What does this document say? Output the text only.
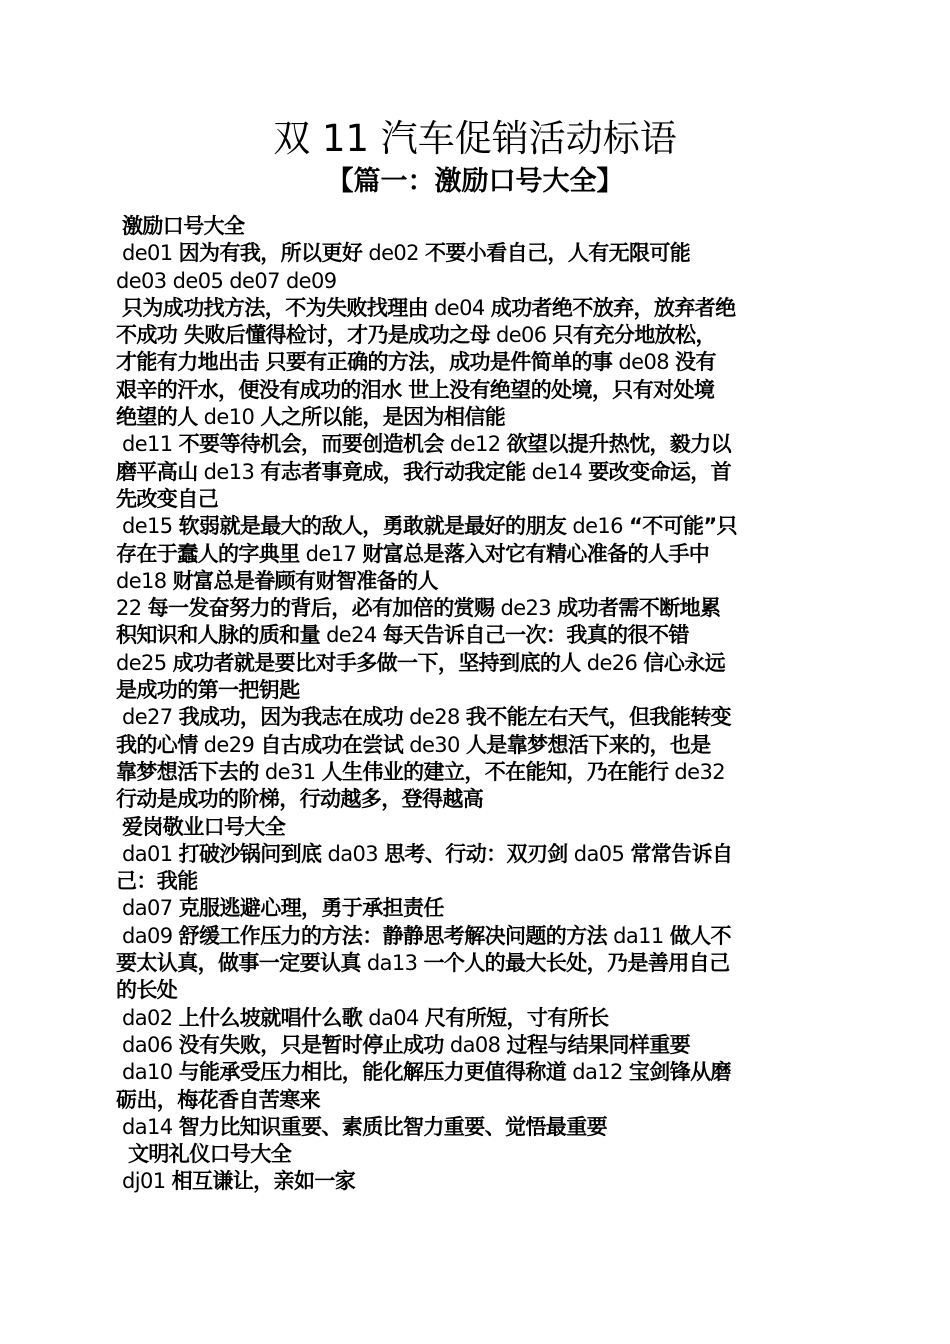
双 11 汽车促销活动标语
【篇一：激励口号大全】
激励口号大全
de01 因为有我，所以更好 de02 不要小看自己，人有无限可能
de03 de05 de07 de09
只为成功找方法，不为失败找理由 de04 成功者绝不放弃，放弃者绝
不成功 失败后懂得检讨，才乃是成功之母 de06 只有充分地放松，
才能有力地出击 只要有正确的方法，成功是件简单的事 de08 没有
艰辛的汗水，便没有成功的泪水 世上没有绝望的处境，只有对处境
绝望的人 de10 人之所以能，是因为相信能
de11 不要等待机会，而要创造机会 de12 欲望以提升热忱，毅力以
磨平高山 de13 有志者事竟成，我行动我定能 de14 要改变命运，首
先改变自己
de15 软弱就是最大的敌人，勇敢就是最好的朋友 de16 “不可能”只
存在于蠢人的字典里 de17 财富总是落入对它有精心准备的人手中
de18 财富总是眷顾有财智准备的人
22 每一发奋努力的背后，必有加倍的赏赐 de23 成功者需不断地累
积知识和人脉的质和量 de24 每天告诉自己一次：我真的很不错
de25 成功者就是要比对手多做一下，坚持到底的人 de26 信心永远
是成功的第一把钥匙
de27 我成功，因为我志在成功 de28 我不能左右天气，但我能转变
我的心情 de29 自古成功在尝试 de30 人是靠梦想活下来的，也是
靠梦想活下去的 de31 人生伟业的建立，不在能知，乃在能行 de32
行动是成功的阶梯，行动越多，登得越高
爱岗敬业口号大全
da01 打破沙锅问到底 da03 思考、行动：双刃剑 da05 常常告诉自
己：我能
da07 克服逃避心理，勇于承担责任
da09 舒缓工作压力的方法：静静思考解决问题的方法 da11 做人不
要太认真，做事一定要认真 da13 一个人的最大长处，乃是善用自己
的长处
da02 上什么坡就唱什么歌 da04 尺有所短，寸有所长
da06 没有失败，只是暂时停止成功 da08 过程与结果同样重要
da10 与能承受压力相比，能化解压力更值得称道 da12 宝剑锋从磨
砺出，梅花香自苦寒来
da14 智力比知识重要、素质比智力重要、觉悟最重要
文明礼仪口号大全
dj01 相互谦让，亲如一家
